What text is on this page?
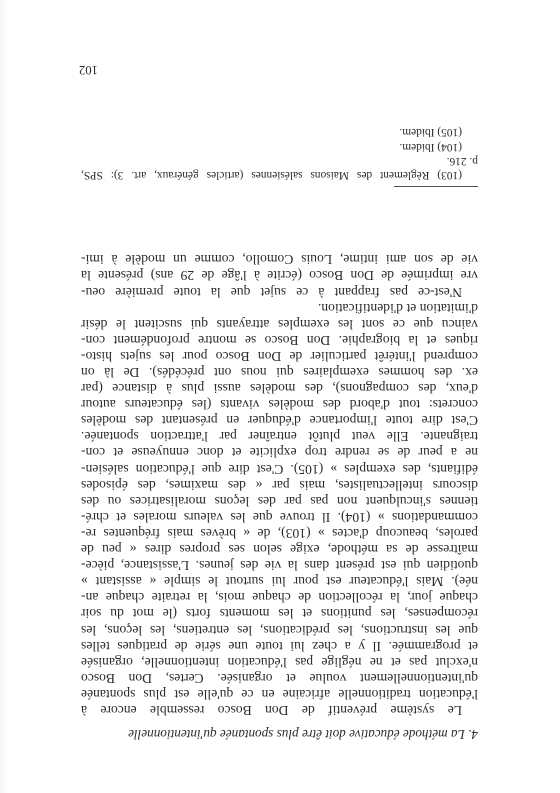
4. La méthode éducative doit être plus spontanée qu'intentionnelle
Le système préventif de Don Bosco ressemble encore à
l'éducation traditionnelle africaine en ce qu'elle est plus spontanée
qu'intentionnellement voulue et organisée. Certes, Don Bosco
n'exclut pas et ne néglige pas l'éducation intentionnelle, organisée
et programmée. Il y a chez lui toute une série de pratiques telles
que les instructions, les prédications, les entretiens, les leçons, les
récompenses, les punitions et les moments forts (le mot du soir
chaque jour, la récollection de chaque mois, la retraite chaque an-
née). Mais l'éducateur est pour lui surtout le simple « assistant »
quotidien qui est présent dans la vie des jeunes. L'assistance, pièce-
maîtresse de sa méthode, exige selon ses propres dires « peu de
paroles, beaucoup d'actes » (103), de « brèves mais fréquentes re-
commandations » (104). Il trouve que les valeurs morales et chré-
tiennes s'inculquent non pas par des leçons moralisatrices ou des
discours intellectualistes, mais par « des maximes, des épisodes
édifiants, des exemples » (105). C'est dire que l'éducation salésien-
ne a peur de se rendre trop explicite et donc ennuyeuse et con-
traignante. Elle veut plutôt entraîner par l'attraction spontanée.
C'est dire toute l'importance d'éduquer en présentant des modèles
concrets: tout d'abord des modèles vivants (les éducateurs autour
d'eux, des compagnons), des modèles aussi plus à distance (par
ex. des hommes exemplaires qui nous ont précédés). De là on
comprend l'intérêt particulier de Don Bosco pour les sujets histo-
riques et la biographie. Don Bosco se montre profondément con-
vaincu que ce sont les exemples attrayants qui suscitent le désir
d'imitation et d'identification.
N'est-ce pas frappant à ce sujet que la toute première oeu-
vre imprimée de Don Bosco (écrite à l'âge de 29 ans) présente la
vie de son ami intime, Louis Comollo, comme un modèle à imi-
(103) Règlement des Maisons salésiennes (articles généraux, art. 3): SPS,
p. 216.
(104) Ibidem.
(105) Ibidem.
102
